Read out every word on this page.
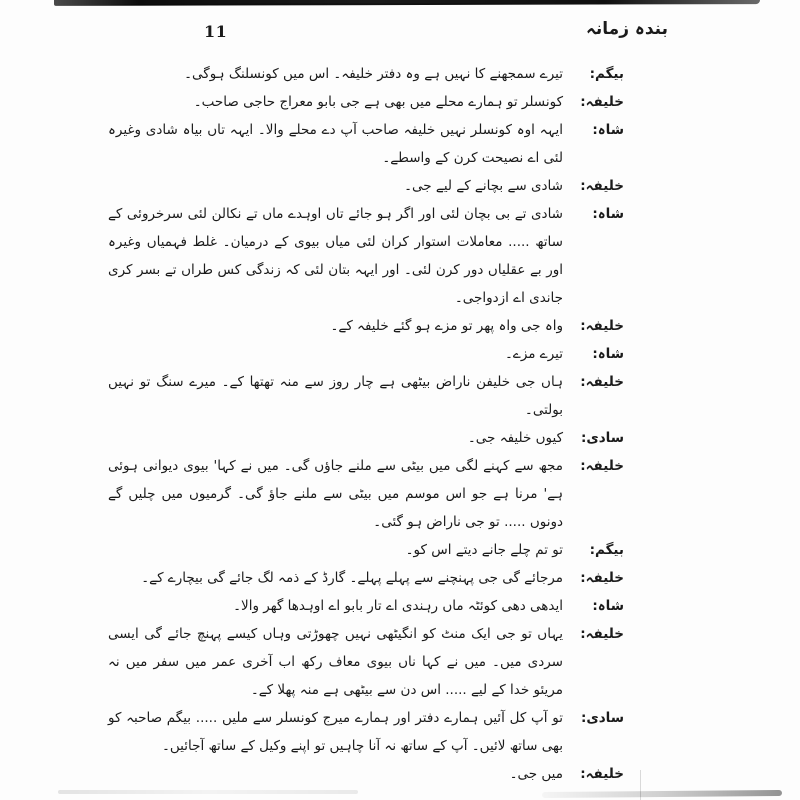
11	بندہ زمانہ
بیگم:
تیرے سمجھنے کا نہیں ہے وہ دفتر خلیفہ۔ اس میں کونسلنگ ہوگی۔
خلیفہ:
کونسلر تو ہمارے محلے میں بھی ہے جی بابو معراج حاجی صاحب۔
شاہ:
ایہہ اوہ کونسلر نہیں خلیفہ صاحب آپ دے محلے والا۔ ایہہ تاں بیاہ شادی وغیرہ لئی اے نصیحت کرن کے واسطے۔
خلیفہ:
شادی سے بچانے کے لیے جی۔
شاہ:
شادی تے بی بچان لئی اور اگر ہو جائے تاں اوہدے ماں تے نکالن لئی سرخروئی کے ساتھ ..... معاملات استوار کران لئی میاں بیوی کے درمیان۔ غلط فہمیاں وغیرہ اور بے عقلیاں دور کرن لئی۔ اور ایہہ بتان لئی کہ زندگی کس طراں تے بسر کری جاندی اے ازدواجی۔
خلیفہ:
واہ جی واہ پھر تو مزے ہو گئے خلیفہ کے۔
شاہ:
تیرے مزے۔
خلیفہ:
ہاں جی خلیفن ناراض بیٹھی ہے چار روز سے منہ تھتھا کے۔ میرے سنگ تو نہیں بولتی۔
سادی:
کیوں خلیفہ جی۔
خلیفہ:
مجھ سے کہنے لگی میں بیٹی سے ملنے جاؤں گی۔ میں نے کہا' بیوی دیوانی ہوئی ہے' مرنا ہے جو اس موسم میں بیٹی سے ملنے جاؤ گی۔ گرمیوں میں چلیں گے دونوں ..... تو جی ناراض ہو گئی۔
بیگم:
تو تم چلے جانے دیتے اس کو۔
خلیفہ:
مرجائے گی جی پہنچنے سے پہلے پہلے۔ گارڈ کے ذمہ لگ جائے گی بیچارے کے۔
شاہ:
ایدھی دھی کوئٹہ ماں رہندی اے تار بابو اے اوہدھا گھر والا۔
خلیفہ:
یہاں تو جی ایک منٹ کو انگیٹھی نہیں چھوڑتی وہاں کیسے پہنچ جائے گی ایسی سردی میں۔ میں نے کہا ناں بیوی معاف رکھ اب آخری عمر میں سفر میں نہ مریئو خدا کے لیے ..... اس دن سے بیٹھی ہے منہ پھلا کے۔
سادی:
تو آپ کل آئیں ہمارے دفتر اور ہمارے میرج کونسلر سے ملیں ..... بیگم صاحبہ کو بھی ساتھ لائیں۔ آپ کے ساتھ نہ آنا چاہیں تو اپنے وکیل کے ساتھ آجائیں۔
خلیفہ:
میں جی۔
